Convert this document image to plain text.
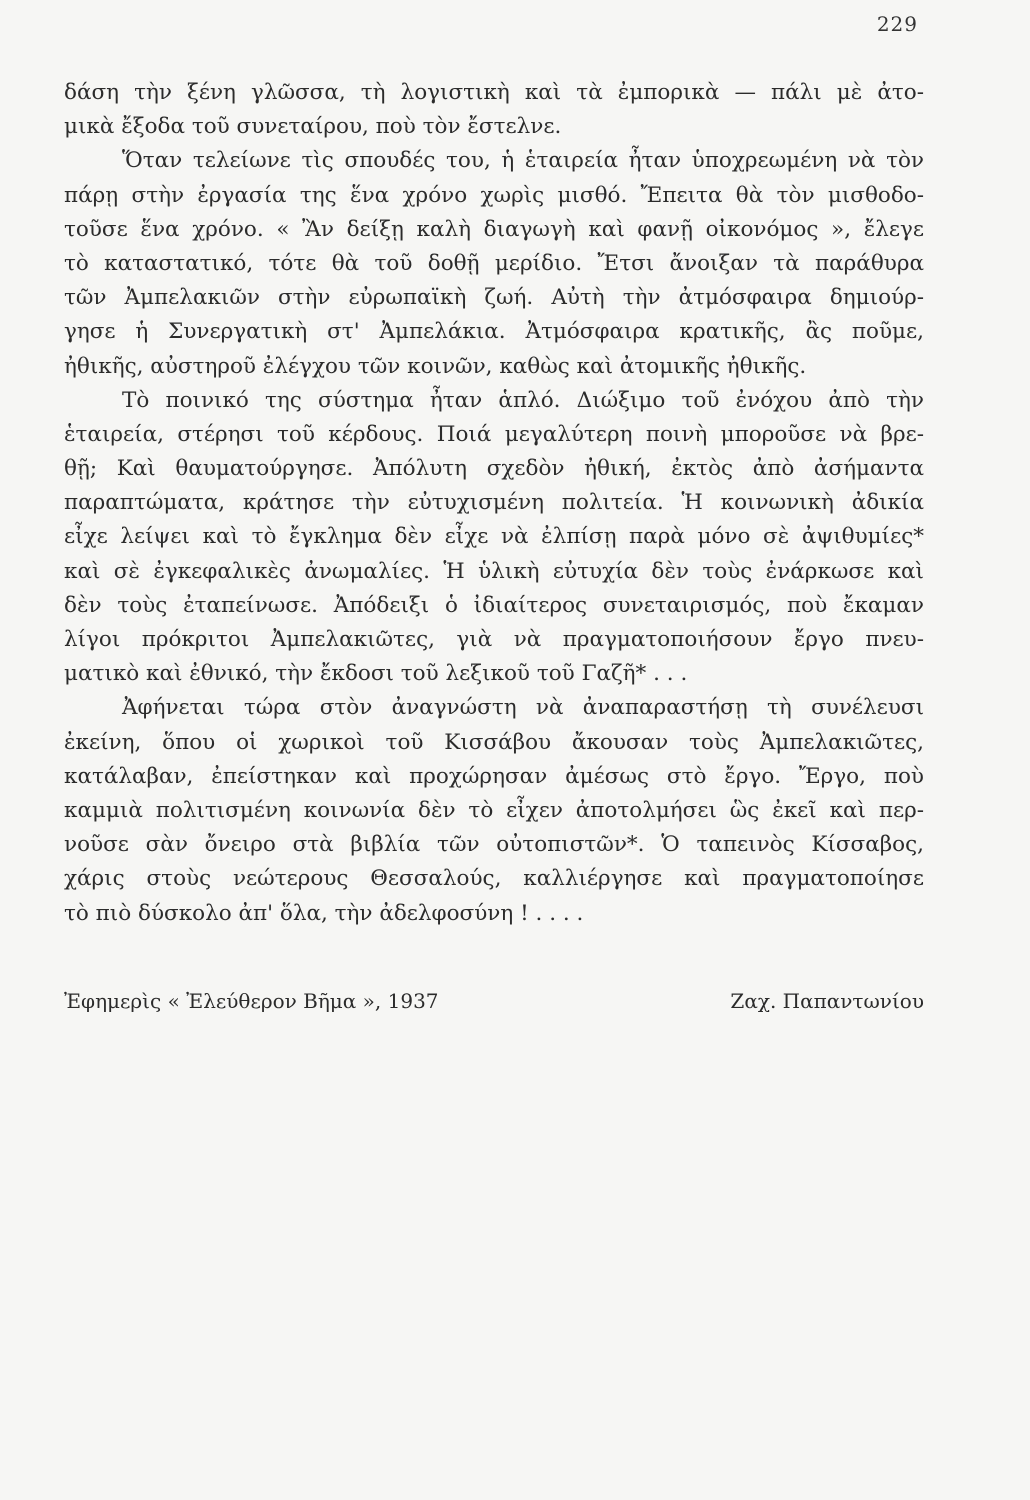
229
δάση τὴν ξένη γλῶσσα, τὴ λογιστικὴ καὶ τὰ ἐμπορικὰ — πάλι μὲ ἀτο-
μικὰ ἔξοδα τοῦ συνεταίρου, ποὺ τὸν ἔστελνε.
Ὅταν τελείωνε τὶς σπουδές του, ἡ ἑταιρεία ἦταν ὑποχρεωμένη νὰ τὸν
πάρῃ στὴν ἐργασία της ἕνα χρόνο χωρὶς μισθό. Ἔπειτα θὰ τὸν μισθοδο-
τοῦσε ἕνα χρόνο. « Ἂν δείξῃ καλὴ διαγωγὴ καὶ φανῇ οἰκονόμος », ἔλεγε
τὸ καταστατικό, τότε θὰ τοῦ δοθῇ μερίδιο. Ἔτσι ἄνοιξαν τὰ παράθυρα
τῶν Ἀμπελακιῶν στὴν εὐρωπαϊκὴ ζωή. Αὐτὴ τὴν ἀτμόσφαιρα δημιούρ-
γησε ἡ Συνεργατικὴ στ' Ἀμπελάκια. Ἀτμόσφαιρα κρατικῆς, ἂς ποῦμε,
ἠθικῆς, αὐστηροῦ ἐλέγχου τῶν κοινῶν, καθὼς καὶ ἀτομικῆς ἠθικῆς.
Τὸ ποινικό της σύστημα ἦταν ἁπλό. Διώξιμο τοῦ ἐνόχου ἀπὸ τὴν
ἑταιρεία, στέρησι τοῦ κέρδους. Ποιά μεγαλύτερη ποινὴ μποροῦσε νὰ βρε-
θῇ; Καὶ θαυματούργησε. Ἀπόλυτη σχεδὸν ἠθική, ἐκτὸς ἀπὸ ἀσήμαντα
παραπτώματα, κράτησε τὴν εὐτυχισμένη πολιτεία. Ἡ κοινωνικὴ ἀδικία
εἶχε λείψει καὶ τὸ ἔγκλημα δὲν εἶχε νὰ ἐλπίσῃ παρὰ μόνο σὲ ἀψιθυμίες*
καὶ σὲ ἐγκεφαλικὲς ἀνωμαλίες. Ἡ ὑλικὴ εὐτυχία δὲν τοὺς ἐνάρκωσε καὶ
δὲν τοὺς ἐταπείνωσε. Ἀπόδειξι ὁ ἰδιαίτερος συνεταιρισμός, ποὺ ἔκαμαν
λίγοι πρόκριτοι Ἀμπελακιῶτες, γιὰ νὰ πραγματοποιήσουν ἔργο πνευ-
ματικὸ καὶ ἐθνικό, τὴν ἔκδοσι τοῦ λεξικοῦ τοῦ Γαζῆ* . . .
Ἀφήνεται τώρα στὸν ἀναγνώστη νὰ ἀναπαραστήσῃ τὴ συνέλευσι
ἐκείνη, ὅπου οἱ χωρικοὶ τοῦ Κισσάβου ἄκουσαν τοὺς Ἀμπελακιῶτες,
κατάλαβαν, ἐπείστηκαν καὶ προχώρησαν ἀμέσως στὸ ἔργο. Ἔργο, ποὺ
καμμιὰ πολιτισμένη κοινωνία δὲν τὸ εἶχεν ἀποτολμήσει ὣς ἐκεῖ καὶ περ-
νοῦσε σὰν ὄνειρο στὰ βιβλία τῶν οὐτοπιστῶν*. Ὁ ταπεινὸς Κίσσαβος,
χάρις στοὺς νεώτερους Θεσσαλούς, καλλιέργησε καὶ πραγματοποίησε
τὸ πιὸ δύσκολο ἀπ' ὅλα, τὴν ἀδελφοσύνη ! . . . .
Ἐφημερὶς « Ἐλεύθερον Βῆμα », 1937	Ζαχ. Παπαντωνίου
